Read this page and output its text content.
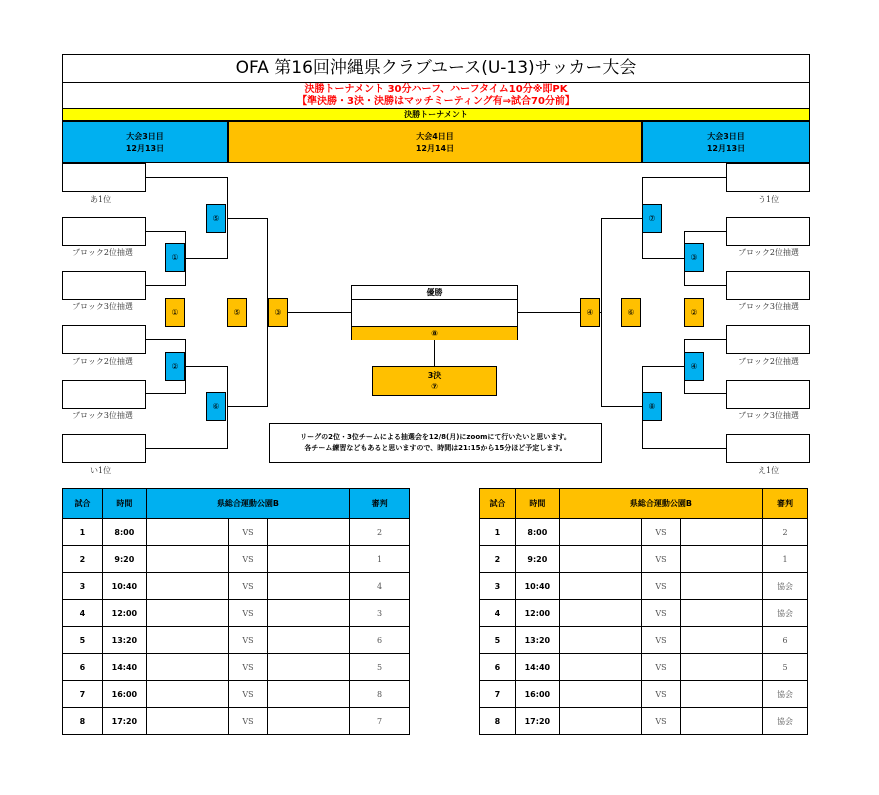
OFA 第16回沖縄県クラブユース(U-13)サッカー大会
決勝トーナメント 30分ハーフ、ハーフタイム10分※即PK
【準決勝・3決・決勝はマッチミーティング有⇒試合70分前】
決勝トーナメント
大会3日目
12月13日
大会4日目
12月14日
大会3日目
12月13日
あ1位
ブロック2位抽選
ブロック3位抽選
ブロック2位抽選
ブロック3位抽選
い1位
⑤
①
①	⑤	③
②
⑥
う1位
ブロック2位抽選
ブロック3位抽選
ブロック2位抽選
ブロック3位抽選
え1位
⑦
③
②
⑥
④
④
⑧
優勝
⑧
3決
⑦
リーグの2位・3位チームによる抽選会を12/8(月)にzoomにて行いたいと思います。
各チーム練習などもあると思いますので、時間は21:15から15分ほど予定します。
試合	時間	県総合運動公園B			審判
1	8:00		VS		2
2	9:20		VS		1
3	10:40		VS		4
4	12:00		VS		3
5	13:20		VS		6
6	14:40		VS		5
7	16:00		VS		8
8	17:20		VS		7
試合	時間	県総合運動公園B			審判
1	8:00		VS		2
2	9:20		VS		1
3	10:40		VS		協会
4	12:00		VS		協会
5	13:20		VS		6
6	14:40		VS		5
7	16:00		VS		協会
8	17:20		VS		協会
